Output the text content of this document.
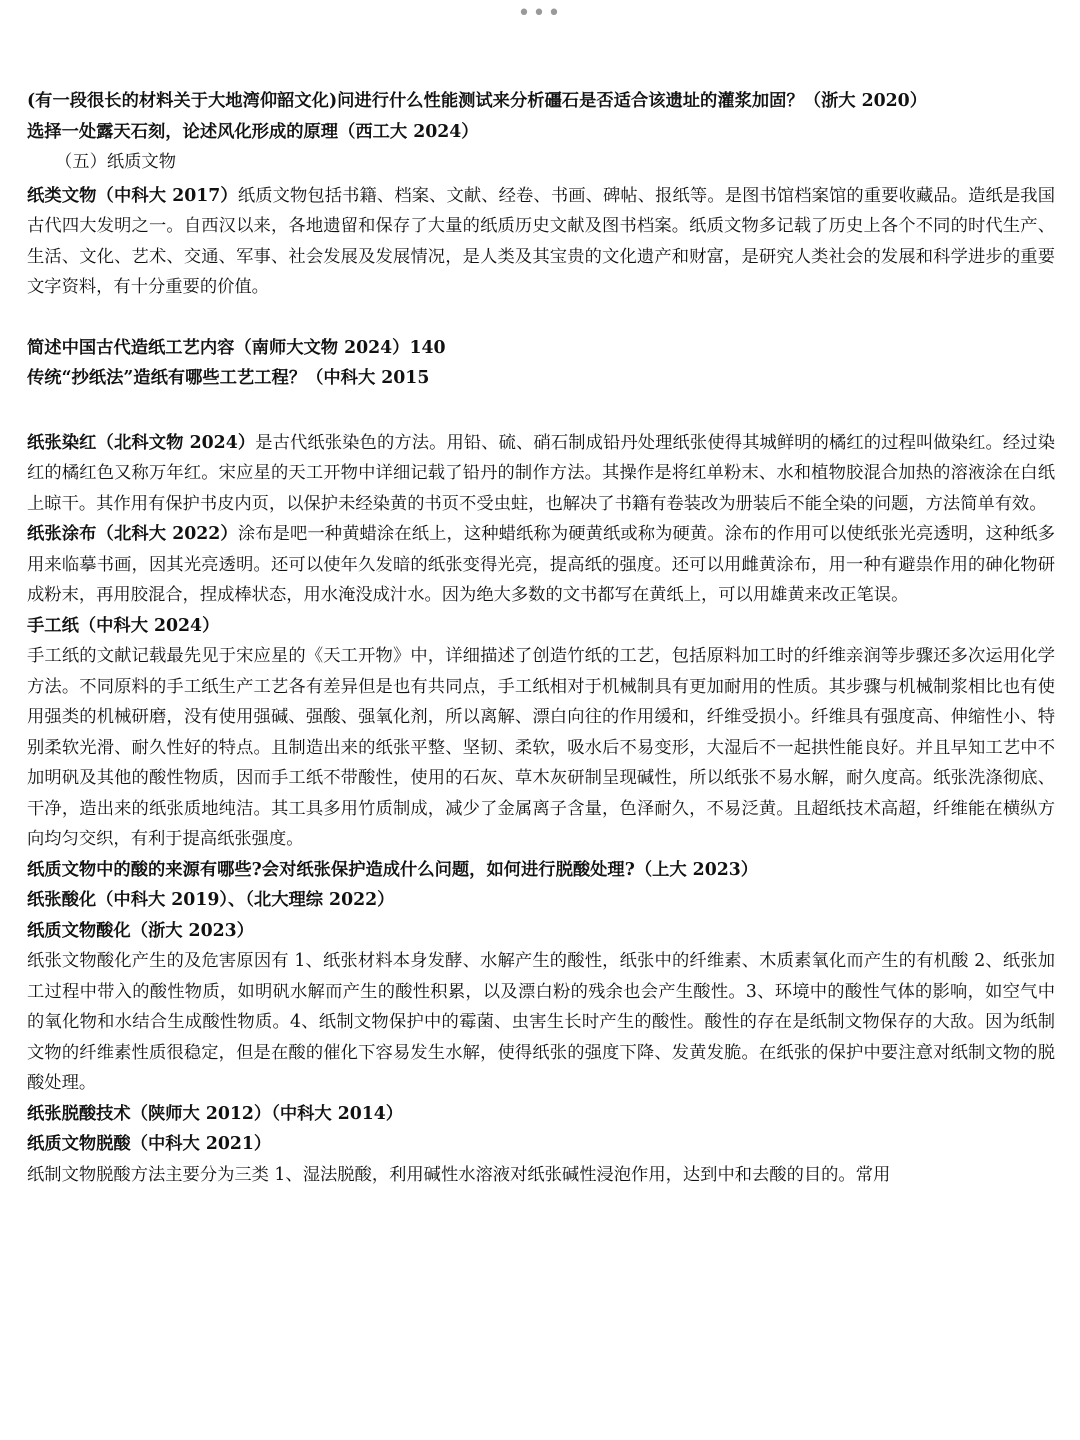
•••

(有一段很长的材料关于大地湾仰韶文化)问进行什么性能测试来分析礓石是否适合该遗址的灌浆加固？（浙大 2020）

选择一处露天石刻，论述风化形成的原理（西工大 2024）

（五）纸质文物

纸类文物（中科大 2017）纸质文物包括书籍、档案、文献、经卷、书画、碑帖、报纸等。是图书馆档案馆的重要收藏品。造纸是我国古代四大发明之一。自西汉以来，各地遗留和保存了大量的纸质历史文献及图书档案。纸质文物多记载了历史上各个不同的时代生产、生活、文化、艺术、交通、军事、社会发展及发展情况，是人类及其宝贵的文化遗产和财富，是研究人类社会的发展和科学进步的重要文字资料，有十分重要的价值。

简述中国古代造纸工艺内容（南师大文物 2024）140

传统“抄纸法”造纸有哪些工艺工程？（中科大 2015

纸张染红（北科文物 2024）是古代纸张染色的方法。用铅、硫、硝石制成铅丹处理纸张使得其城鲜明的橘红的过程叫做染红。经过染红的橘红色又称万年红。宋应星的天工开物中详细记载了铅丹的制作方法。其操作是将红单粉末、水和植物胶混合加热的溶液涂在白纸上晾干。其作用有保护书皮内页，以保护未经染黄的书页不受虫蛀，也解决了书籍有卷装改为册装后不能全染的问题，方法简单有效。

纸张涂布（北科大 2022）涂布是吧一种黄蜡涂在纸上，这种蜡纸称为硬黄纸或称为硬黄。涂布的作用可以使纸张光亮透明，这种纸多用来临摹书画，因其光亮透明。还可以使年久发暗的纸张变得光亮，提高纸的强度。还可以用雌黄涂布，用一种有避祟作用的砷化物研成粉末，再用胶混合，捏成棒状态，用水淹没成汁水。因为绝大多数的文书都写在黄纸上，可以用雄黄来改正笔误。

手工纸（中科大 2024）

手工纸的文献记载最先见于宋应星的《天工开物》中，详细描述了创造竹纸的工艺，包括原料加工时的纤维亲润等步骤还多次运用化学方法。不同原料的手工纸生产工艺各有差异但是也有共同点，手工纸相对于机械制具有更加耐用的性质。其步骤与机械制浆相比也有使用强类的机械研磨，没有使用强碱、强酸、强氧化剂，所以离解、漂白向往的作用缓和，纤维受损小。纤维具有强度高、伸缩性小、特别柔软光滑、耐久性好的特点。且制造出来的纸张平整、坚韧、柔软，吸水后不易变形，大湿后不一起拱性能良好。并且早知工艺中不加明矾及其他的酸性物质，因而手工纸不带酸性，使用的石灰、草木灰研制呈现碱性，所以纸张不易水解，耐久度高。纸张洗涤彻底、干净，造出来的纸张质地纯洁。其工具多用竹质制成，减少了金属离子含量，色泽耐久，不易泛黄。且超纸技术高超，纤维能在横纵方向均匀交织，有利于提高纸张强度。

纸质文物中的酸的来源有哪些?会对纸张保护造成什么问题，如何进行脱酸处理?（上大 2023）

纸张酸化（中科大 2019）、（北大理综 2022）

纸质文物酸化（浙大 2023）

纸张文物酸化产生的及危害原因有 1、纸张材料本身发酵、水解产生的酸性，纸张中的纤维素、木质素氧化而产生的有机酸 2、纸张加工过程中带入的酸性物质，如明矾水解而产生的酸性积累，以及漂白粉的残余也会产生酸性。3、环境中的酸性气体的影响，如空气中的氧化物和水结合生成酸性物质。4、纸制文物保护中的霉菌、虫害生长时产生的酸性。酸性的存在是纸制文物保存的大敌。因为纸制文物的纤维素性质很稳定，但是在酸的催化下容易发生水解，使得纸张的强度下降、发黄发脆。在纸张的保护中要注意对纸制文物的脱酸处理。

纸张脱酸技术（陕师大 2012）（中科大 2014）

纸质文物脱酸（中科大 2021）

纸制文物脱酸方法主要分为三类 1、湿法脱酸，利用碱性水溶液对纸张碱性浸泡作用，达到中和去酸的目的。常用
